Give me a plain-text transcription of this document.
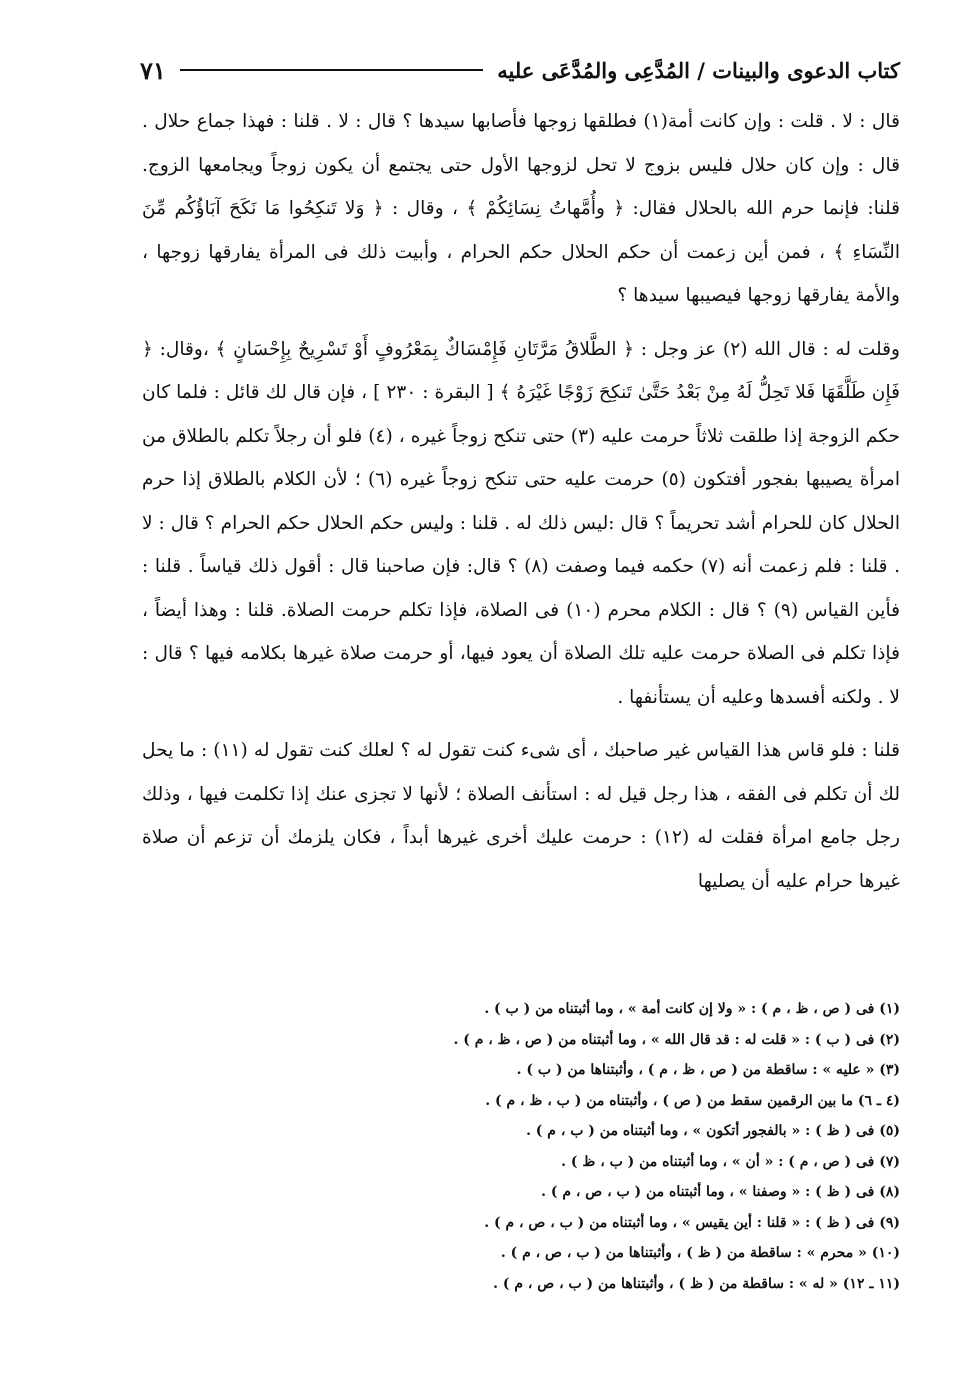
كتاب الدعوى والبينات / المُدَّعِى والمُدَّعَى عليه
٧١

قال : لا . قلت : وإن كانت أمة(١) فطلقها زوجها فأصابها سيدها ؟ قال : لا . قلنا : فهذا جماع حلال . قال : وإن كان حلال فليس بزوج لا تحل لزوجها الأول حتى يجتمع أن يكون زوجاً ويجامعها الزوج. قلنا: فإنما حرم الله بالحلال فقال: ﴿ وأُمَّهاتُ نِسَائِكُمْ ﴾ ، وقال : ﴿ وَلا تَنكِحُوا مَا نَكَحَ آبَاؤُكُم مِّنَ النِّسَاءِ ﴾ ، فمن أين زعمت أن حكم الحلال حكم الحرام ، وأبيت ذلك فى المرأة يفارقها زوجها ، والأمة يفارقها زوجها فيصيبها سيدها ؟

وقلت له : قال الله (٢) عز وجل : ﴿ الطَّلاقُ مَرَّتَانِ فَإِمْسَاكٌ بِمَعْرُوفٍ أَوْ تَسْرِيحٌ بِإِحْسَانٍ ﴾ ،وقال: ﴿ فَإِن طَلَّقَهَا فَلا تَحِلُّ لَهُ مِنْ بَعْدُ حَتَّىٰ تَنكِحَ زَوْجًا غَيْرَهُ ﴾ [ البقرة : ٢٣٠ ] ، فإن قال لك قائل : فلما كان حكم الزوجة إذا طلقت ثلاثاً حرمت عليه (٣) حتى تنكح زوجاً غيره ، (٤) فلو أن رجلاً تكلم بالطلاق من امرأة يصيبها بفجور أفتكون (٥) حرمت عليه حتى تنكح زوجاً غيره (٦) ؛ لأن الكلام بالطلاق إذا حرم الحلال كان للحرام أشد تحريماً ؟ قال :ليس ذلك له . قلنا : وليس حكم الحلال حكم الحرام ؟ قال : لا . قلنا : فلم زعمت أنه (٧) حكمه فيما وصفت (٨) ؟ قال: فإن صاحبنا قال : أقول ذلك قياساً . قلنا : فأين القياس (٩) ؟ قال : الكلام محرم (١٠) فى الصلاة، فإذا تكلم حرمت الصلاة. قلنا : وهذا أيضاً ، فإذا تكلم فى الصلاة حرمت عليه تلك الصلاة أن يعود فيها، أو حرمت صلاة غيرها بكلامه فيها ؟ قال : لا . ولكنه أفسدها وعليه أن يستأنفها .

قلنا : فلو قاس هذا القياس غير صاحبك ، أى شىء كنت تقول له ؟ لعلك كنت تقول له (١١) : ما يحل لك أن تكلم فى الفقه ، هذا رجل قيل له : استأنف الصلاة ؛ لأنها لا تجزى عنك إذا تكلمت فيها ، وذلك رجل جامع امرأة فقلت له (١٢) : حرمت عليك أخرى غيرها أبداً ، فكان يلزمك أن تزعم أن صلاة غيرها حرام عليه أن يصليها

(١) فى ( ص ، ظ ، م ) : « ولا إن كانت أمة » ، وما أثبتناه من ( ب ) .
(٢) فى ( ب ) : « قلت له : قد قال الله » ، وما أثبتناه من ( ص ، ظ ، م ) .
(٣) « عليه » : ساقطة من ( ص ، ظ ، م ) ، وأثبتناها من ( ب ) .
(٤ ـ ٦) ما بين الرقمين سقط من ( ص ) ، وأثبتناه من ( ب ، ظ ، م ) .
(٥) فى ( ظ ) : « بالفجور أتكون » ، وما أثبتناه من ( ب ، م ) .
(٧) فى ( ص ، م ) : « أن » ، وما أثبتناه من ( ب ، ظ ) .
(٨) فى ( ظ ) : « وصفنا » ، وما أثبتناه من ( ب ، ص ، م ) .
(٩) فى ( ظ ) : « قلنا : أين يقيس » ، وما أثبتناه من ( ب ، ص ، م ) .
(١٠) « محرم » : ساقطة من ( ظ ) ، وأثبتناها من ( ب ، ص ، م ) .
(١١ ـ ١٢) « له » : ساقطة من ( ظ ) ، وأثبتناها من ( ب ، ص ، م ) .
